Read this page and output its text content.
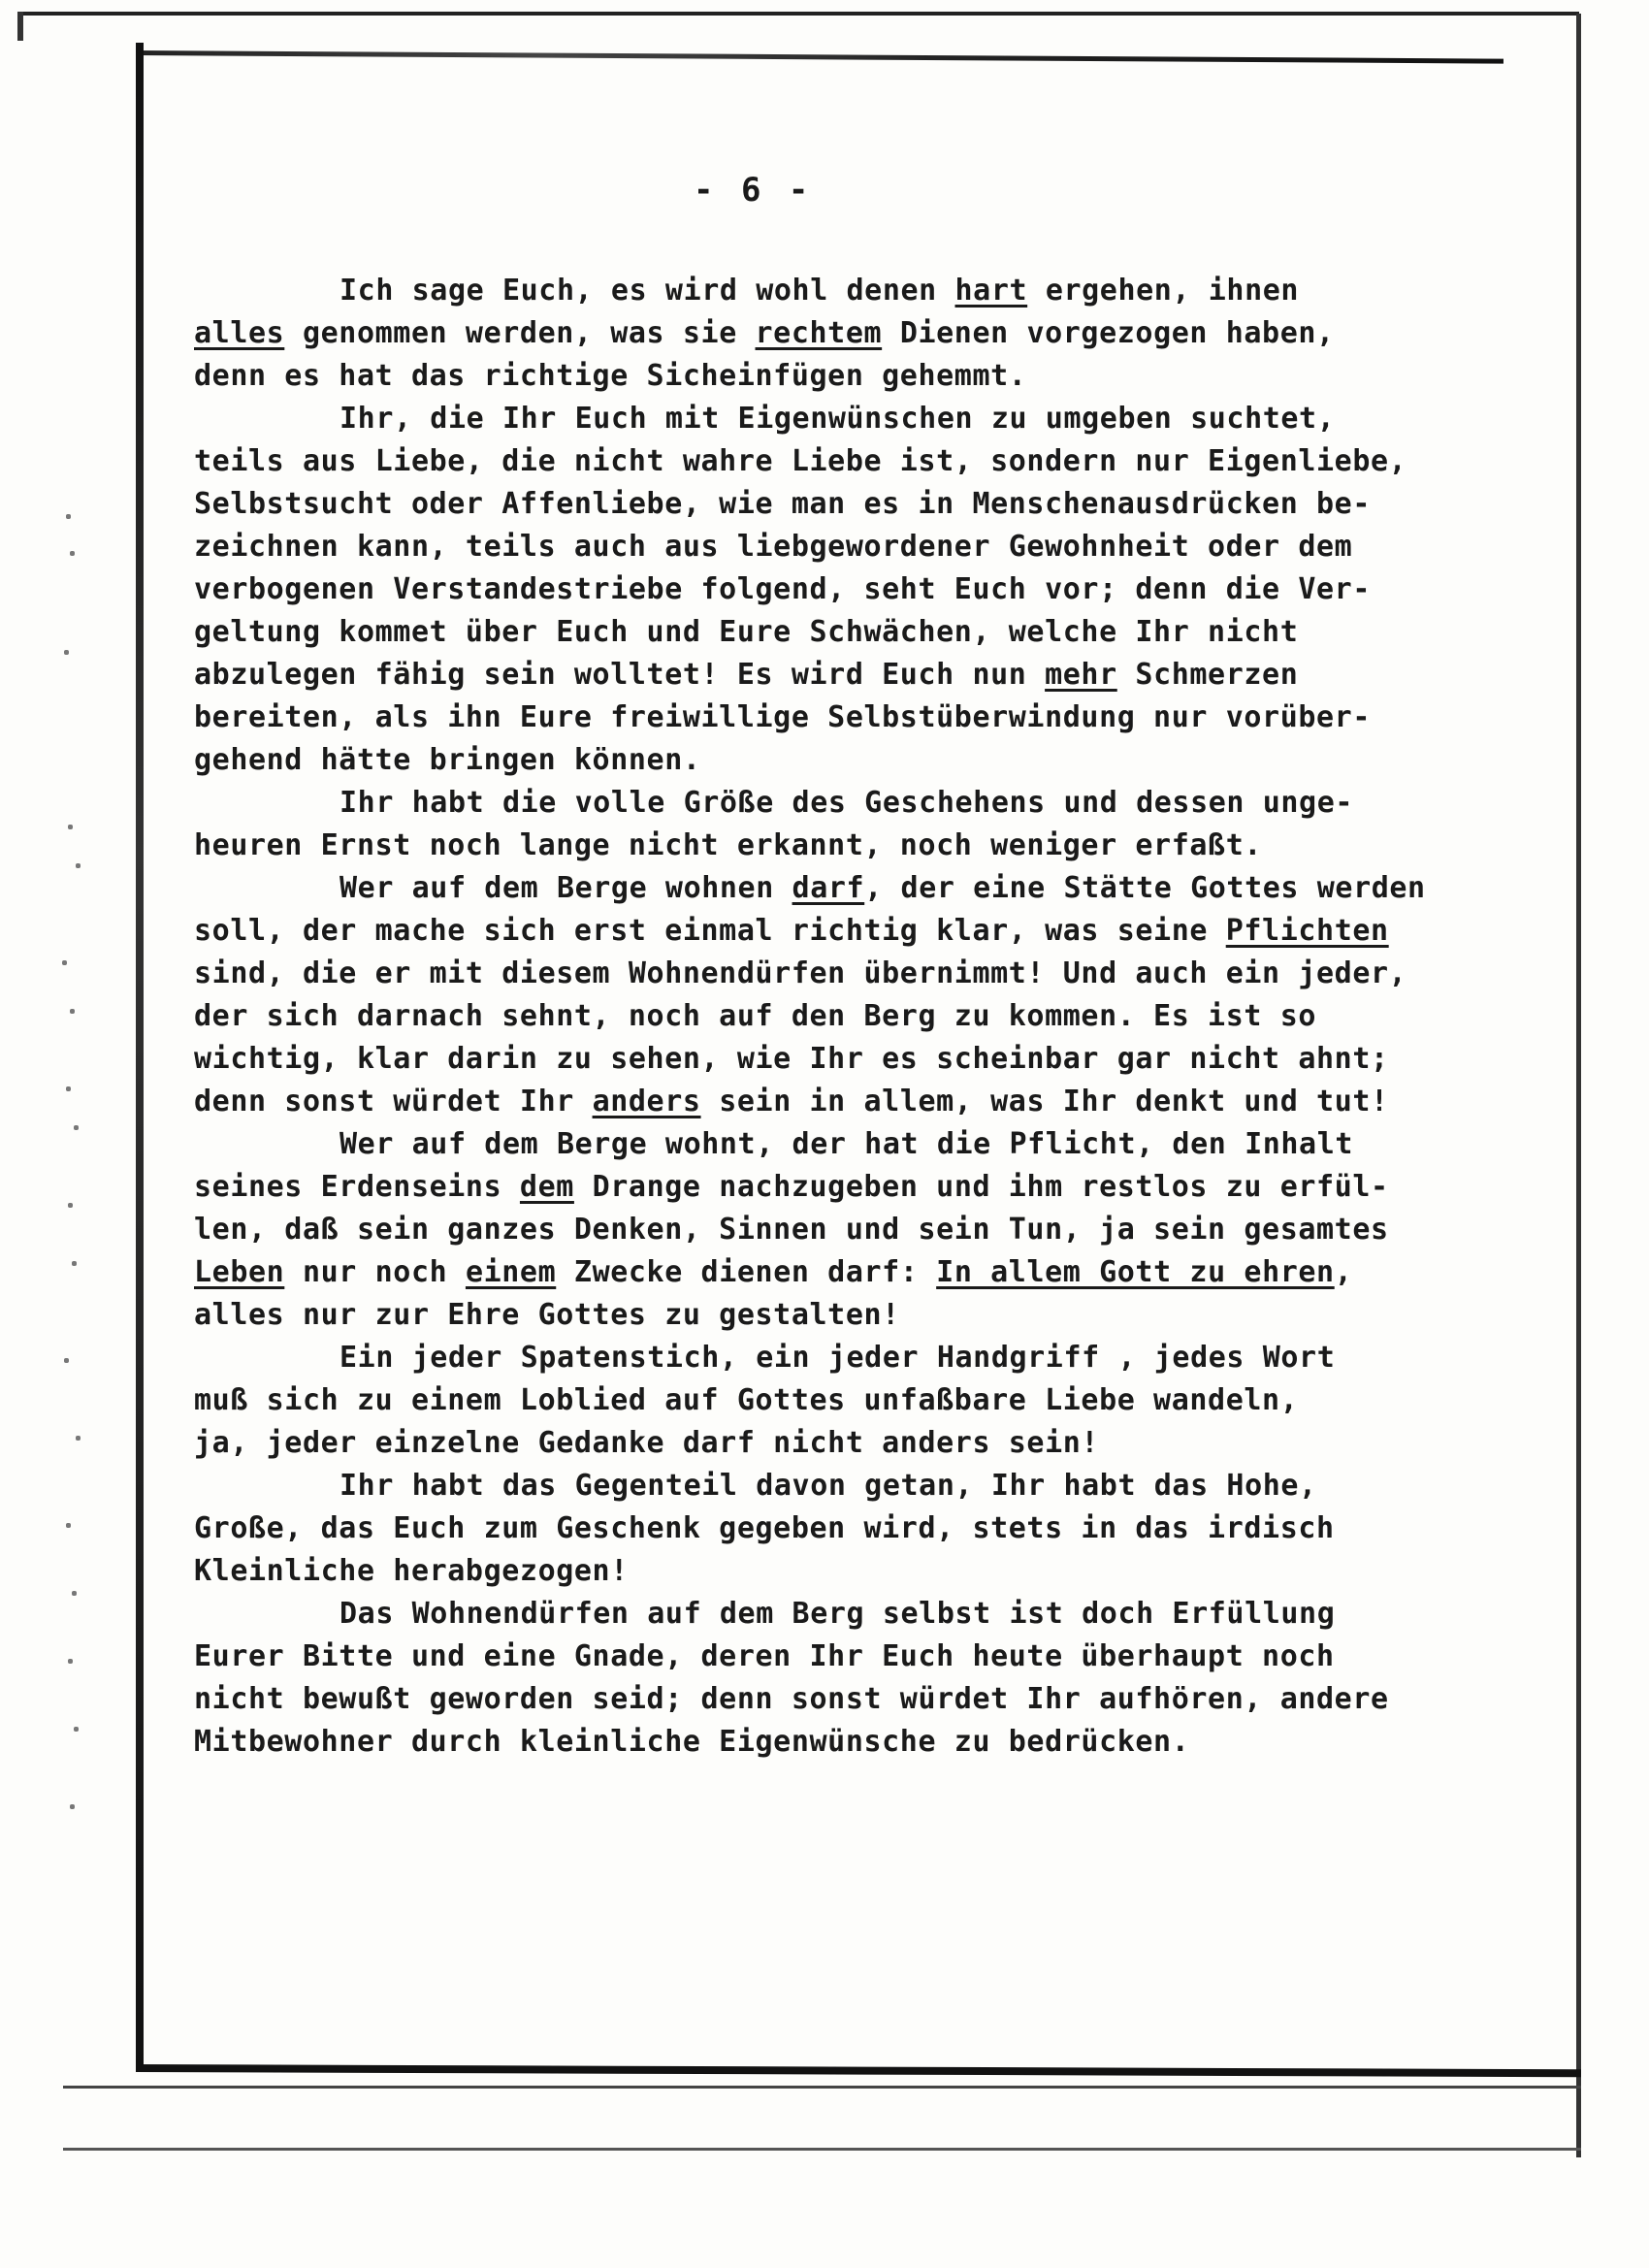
- 6 -
Ich sage Euch, es wird wohl denen hart ergehen, ihnen
alles genommen werden, was sie rechtem Dienen vorgezogen haben,
denn es hat das richtige Sicheinfügen gehemmt.
Ihr, die Ihr Euch mit Eigenwünschen zu umgeben suchtet,
teils aus Liebe, die nicht wahre Liebe ist, sondern nur Eigenliebe,
Selbstsucht oder Affenliebe, wie man es in Menschenausdrücken be-
zeichnen kann, teils auch aus liebgewordener Gewohnheit oder dem
verbogenen Verstandestriebe folgend, seht Euch vor; denn die Ver-
geltung kommet über Euch und Eure Schwächen, welche Ihr nicht
abzulegen fähig sein wolltet! Es wird Euch nun mehr Schmerzen
bereiten, als ihn Eure freiwillige Selbstüberwindung nur vorüber-
gehend hätte bringen können.
Ihr habt die volle Größe des Geschehens und dessen unge-
heuren Ernst noch lange nicht erkannt, noch weniger erfaßt.
Wer auf dem Berge wohnen darf, der eine Stätte Gottes werden
soll, der mache sich erst einmal richtig klar, was seine Pflichten
sind, die er mit diesem Wohnendürfen übernimmt! Und auch ein jeder,
der sich darnach sehnt, noch auf den Berg zu kommen. Es ist so
wichtig, klar darin zu sehen, wie Ihr es scheinbar gar nicht ahnt;
denn sonst würdet Ihr anders sein in allem, was Ihr denkt und tut!
Wer auf dem Berge wohnt, der hat die Pflicht, den Inhalt
seines Erdenseins dem Drange nachzugeben und ihm restlos zu erfül-
len, daß sein ganzes Denken, Sinnen und sein Tun, ja sein gesamtes
Leben nur noch einem Zwecke dienen darf: In allem Gott zu ehren,
alles nur zur Ehre Gottes zu gestalten!
Ein jeder Spatenstich, ein jeder Handgriff , jedes Wort
muß sich zu einem Loblied auf Gottes unfaßbare Liebe wandeln,
ja, jeder einzelne Gedanke darf nicht anders sein!
Ihr habt das Gegenteil davon getan, Ihr habt das Hohe,
Große, das Euch zum Geschenk gegeben wird, stets in das irdisch
Kleinliche herabgezogen!
Das Wohnendürfen auf dem Berg selbst ist doch Erfüllung
Eurer Bitte und eine Gnade, deren Ihr Euch heute überhaupt noch
nicht bewußt geworden seid; denn sonst würdet Ihr aufhören, andere
Mitbewohner durch kleinliche Eigenwünsche zu bedrücken.
